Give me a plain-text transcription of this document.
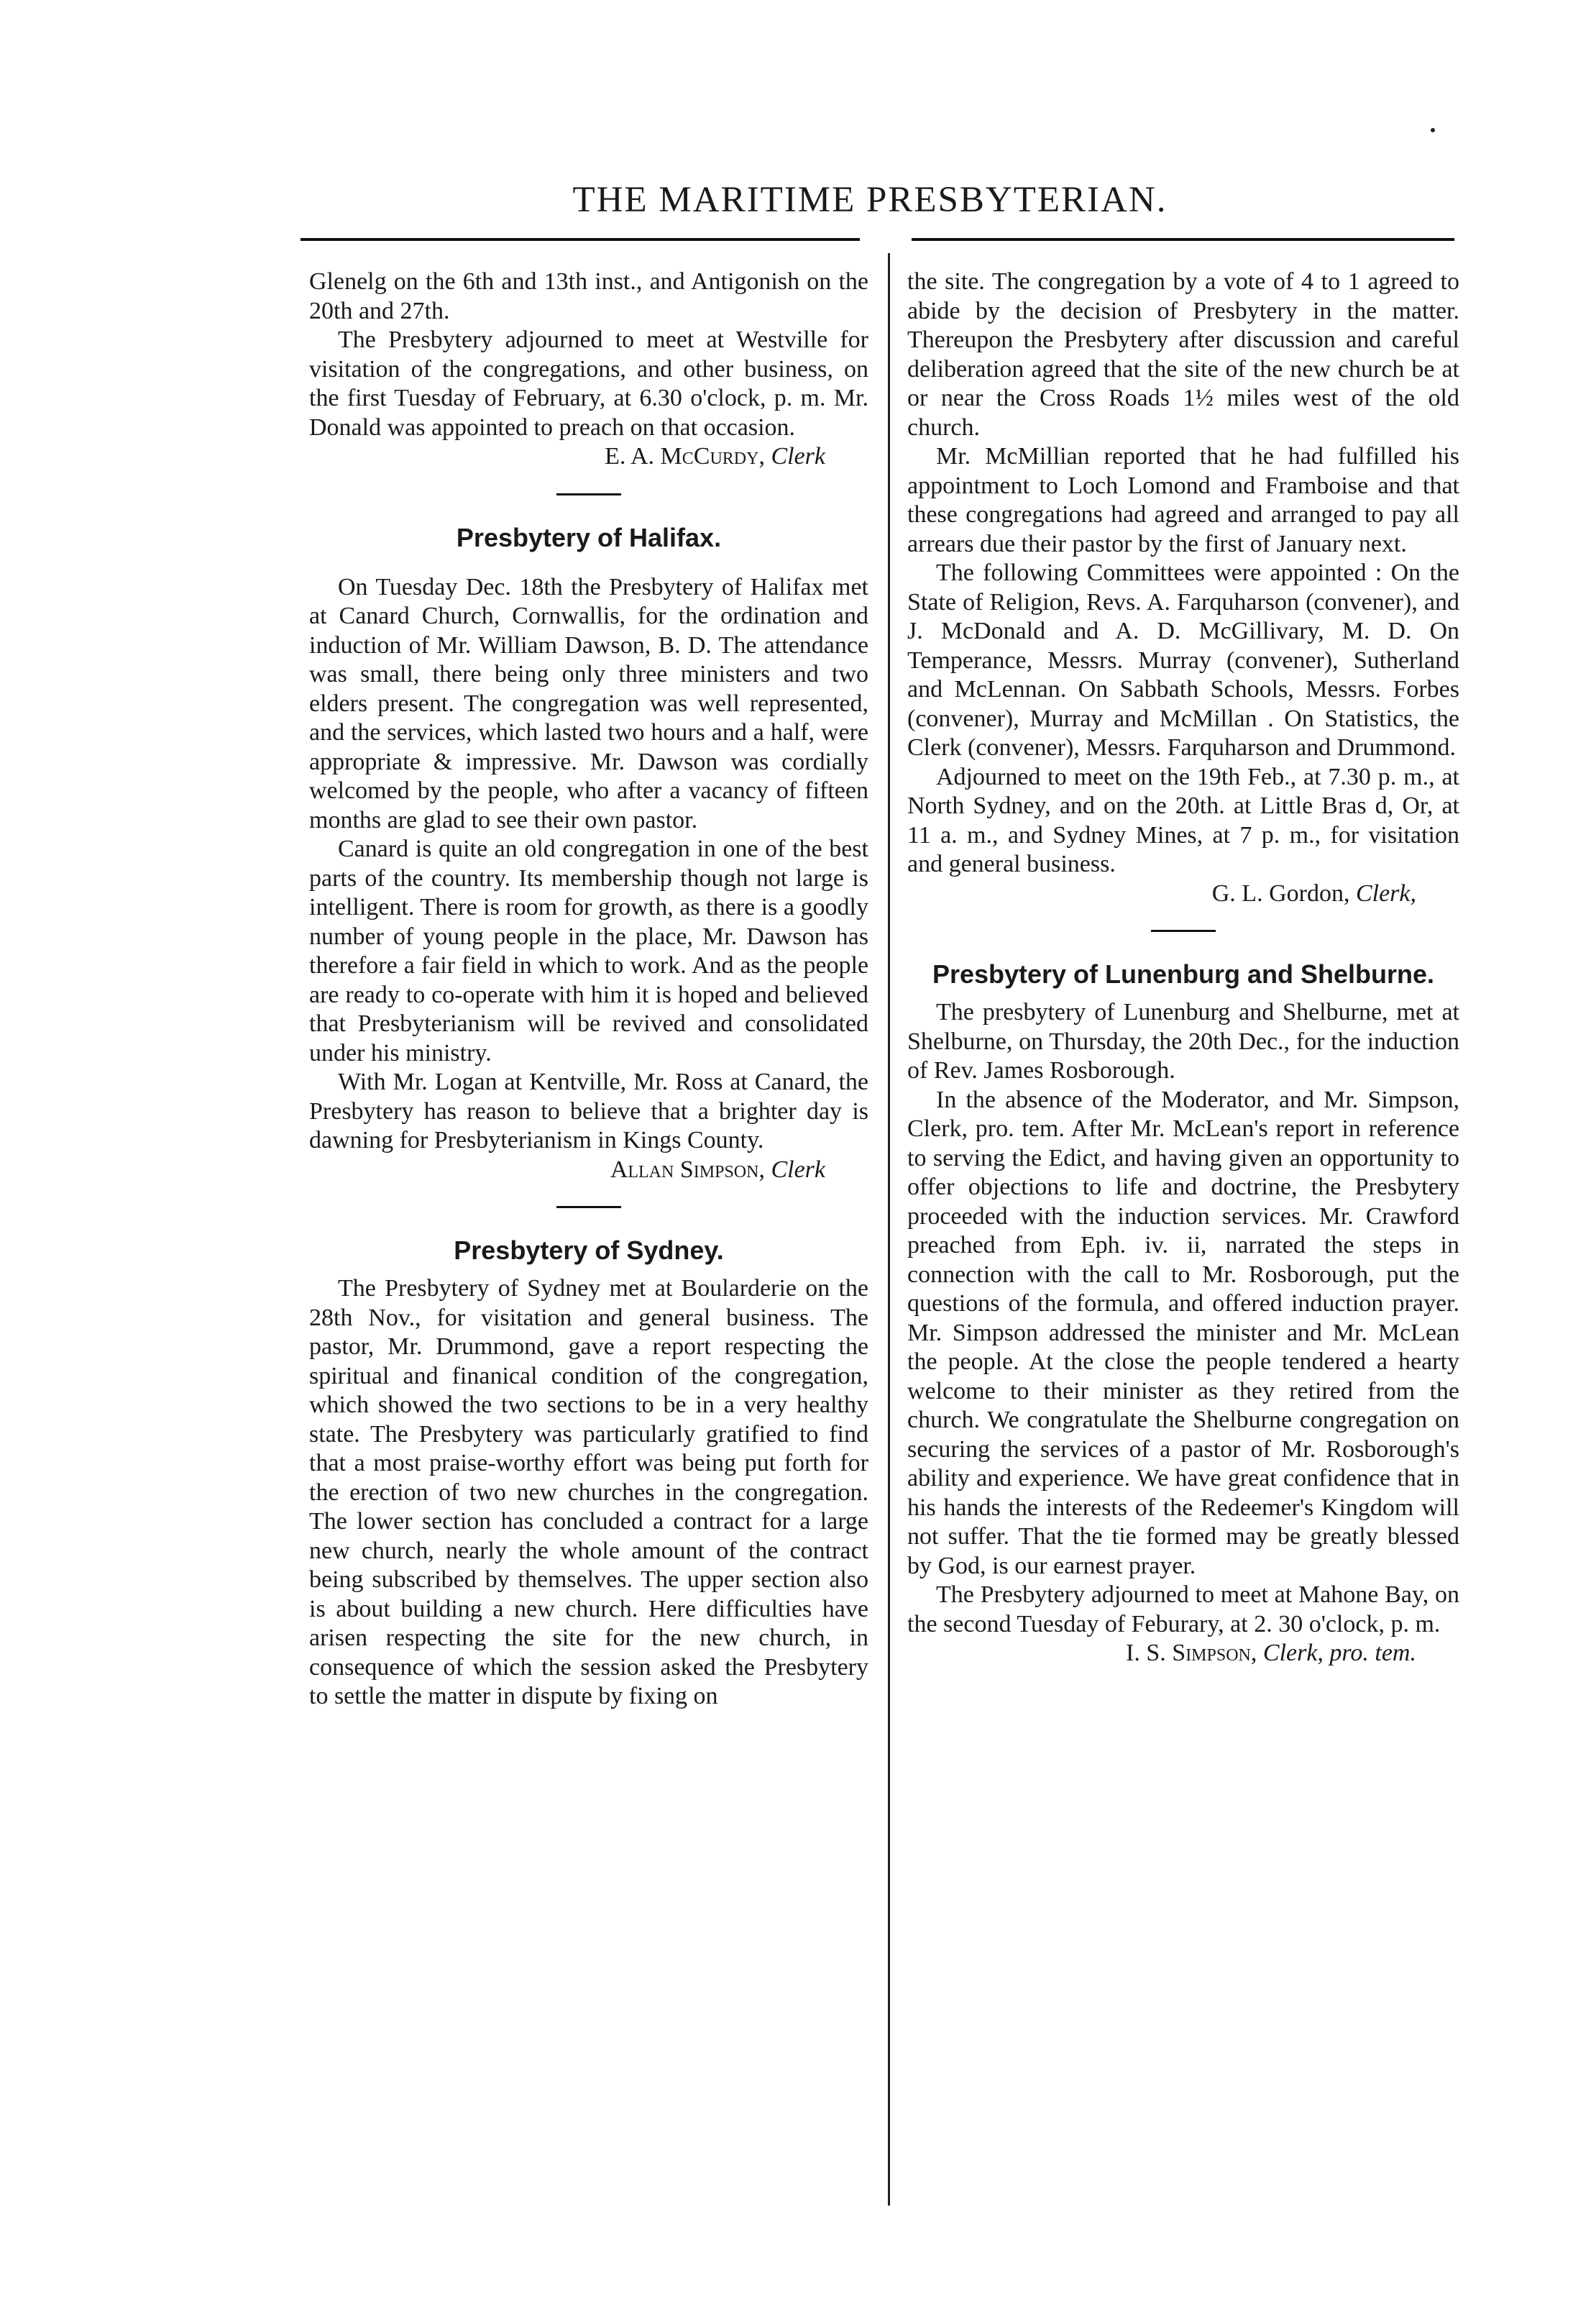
THE MARITIME PRESBYTERIAN.

Glenelg on the 6th and 13th inst., and Antigonish on the 20th and 27th.

The Presbytery adjourned to meet at Westville for visitation of the congregations, and other business, on the first Tuesday of February, at 6.30 o'clock, p. m. Mr. Donald was appointed to preach on that occasion.

E. A. McCurdy, Clerk

Presbytery of Halifax.

On Tuesday Dec. 18th the Presbytery of Halifax met at Canard Church, Cornwallis, for the ordination and induction of Mr. William Dawson, B. D. The attendance was small, there being only three ministers and two elders present. The congregation was well represented, and the services, which lasted two hours and a half, were appropriate & impressive. Mr. Dawson was cordially welcomed by the people, who after a vacancy of fifteen months are glad to see their own pastor.

Canard is quite an old congregation in one of the best parts of the country. Its membership though not large is intelligent. There is room for growth, as there is a goodly number of young people in the place, Mr. Dawson has therefore a fair field in which to work. And as the people are ready to co-operate with him it is hoped and believed that Presbyterianism will be revived and consolidated under his ministry.

With Mr. Logan at Kentville, Mr. Ross at Canard, the Presbytery has reason to believe that a brighter day is dawning for Presbyterianism in Kings County.

Allan Simpson, Clerk

Presbytery of Sydney.

The Presbytery of Sydney met at Boularderie on the 28th Nov., for visitation and general business. The pastor, Mr. Drummond, gave a report respecting the spiritual and finanical condition of the congregation, which showed the two sections to be in a very healthy state. The Presbytery was particularly gratified to find that a most praise-worthy effort was being put forth for the erection of two new churches in the congregation. The lower section has concluded a contract for a large new church, nearly the whole amount of the contract being subscribed by themselves. The upper section also is about building a new church. Here difficulties have arisen respecting the site for the new church, in consequence of which the session asked the Presbytery to settle the matter in dispute by fixing on

the site. The congregation by a vote of 4 to 1 agreed to abide by the decision of Presbytery in the matter. Thereupon the Presbytery after discussion and careful deliberation agreed that the site of the new church be at or near the Cross Roads 1½ miles west of the old church.

Mr. McMillian reported that he had fulfilled his appointment to Loch Lomond and Framboise and that these congregations had agreed and arranged to pay all arrears due their pastor by the first of January next.

The following Committees were appointed : On the State of Religion, Revs. A. Farquharson (convener), and J. McDonald and A. D. McGillivary, M. D. On Temperance, Messrs. Murray (convener), Sutherland and McLennan. On Sabbath Schools, Messrs. Forbes (convener), Murray and McMillan . On Statistics, the Clerk (convener), Messrs. Farquharson and Drummond.

Adjourned to meet on the 19th Feb., at 7.30 p. m., at North Sydney, and on the 20th. at Little Bras d, Or, at 11 a. m., and Sydney Mines, at 7 p. m., for visitation and general business.

G. L. Gordon, Clerk,

Presbytery of Lunenburg and Shelburne.

The presbytery of Lunenburg and Shelburne, met at Shelburne, on Thursday, the 20th Dec., for the induction of Rev. James Rosborough.

In the absence of the Moderator, and Mr. Simpson, Clerk, pro. tem. After Mr. McLean's report in reference to serving the Edict, and having given an opportunity to offer objections to life and doctrine, the Presbytery proceeded with the induction services. Mr. Crawford preached from Eph. iv. ii, narrated the steps in connection with the call to Mr. Rosborough, put the questions of the formula, and offered induction prayer. Mr. Simpson addressed the minister and Mr. McLean the people. At the close the people tendered a hearty welcome to their minister as they retired from the church. We congratulate the Shelburne congregation on securing the services of a pastor of Mr. Rosborough's ability and experience. We have great confidence that in his hands the interests of the Redeemer's Kingdom will not suffer. That the tie formed may be greatly blessed by God, is our earnest prayer.

The Presbytery adjourned to meet at Mahone Bay, on the second Tuesday of Feburary, at 2. 30 o'clock, p. m.

I. S. Simpson, Clerk, pro. tem.
